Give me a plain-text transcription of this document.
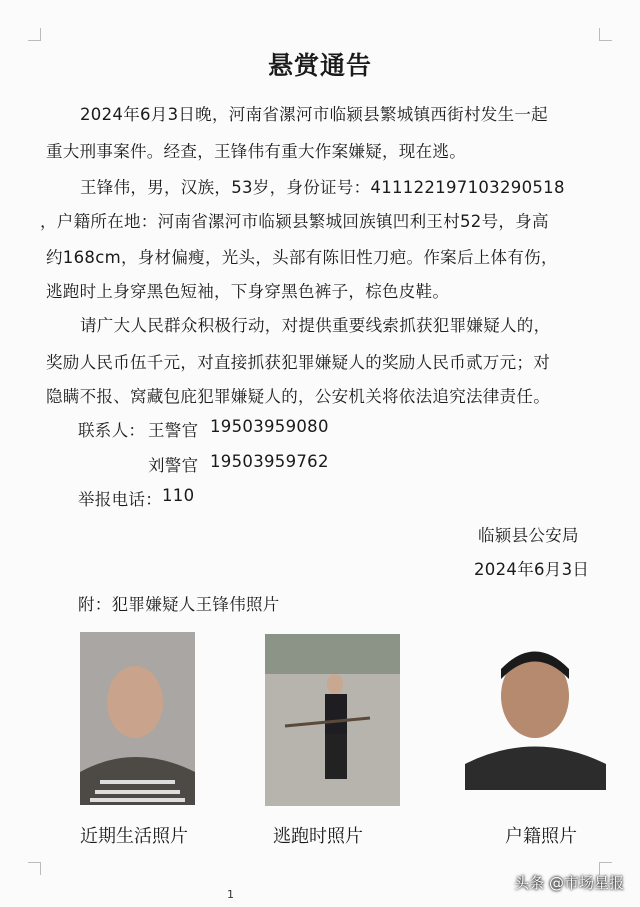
悬赏通告
2024年6月3日晚，河南省漯河市临颍县繁城镇西街村发生一起
重大刑事案件。经查，王锋伟有重大作案嫌疑，现在逃。
王锋伟，男，汉族，53岁，身份证号：411122197103290518
，户籍所在地：河南省漯河市临颍县繁城回族镇凹利王村52号，身高
约168cm，身材偏瘦，光头，头部有陈旧性刀疤。作案后上体有伤，
逃跑时上身穿黑色短袖，下身穿黑色裤子，棕色皮鞋。
请广大人民群众积极行动，对提供重要线索抓获犯罪嫌疑人的，
奖励人民币伍千元，对直接抓获犯罪嫌疑人的奖励人民币贰万元；对
隐瞒不报、窝藏包庇犯罪嫌疑人的，公安机关将依法追究法律责任。
联系人： 王警官 19503959080
刘警官 19503959762
举报电话： 110
临颍县公安局
2024年6月3日
附：犯罪嫌疑人王锋伟照片
近期生活照片	逃跑时照片	户籍照片
1
头条 @市场星报
